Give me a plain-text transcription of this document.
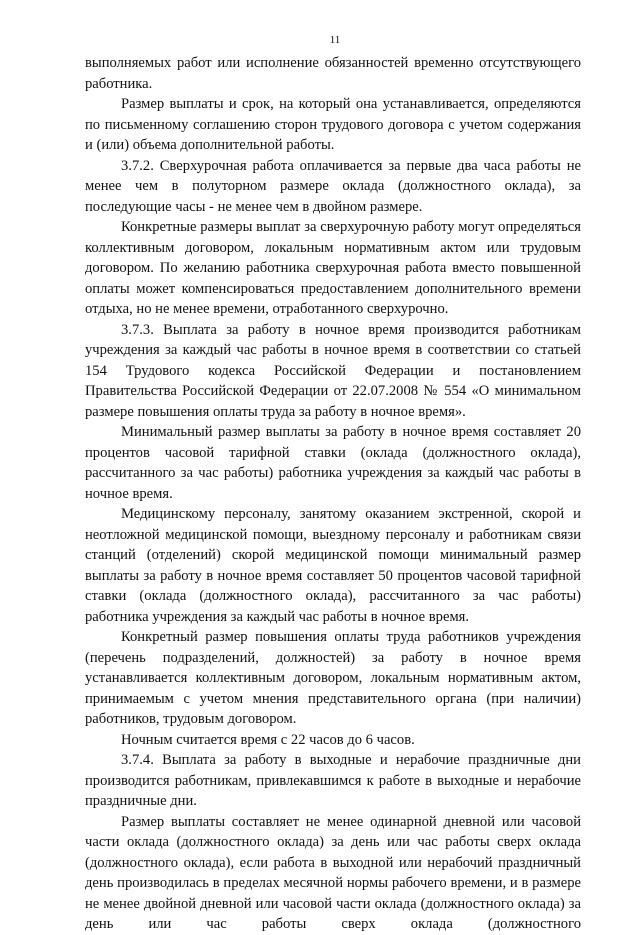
11

выполняемых работ или исполнение обязанностей временно отсутствующего работника.

Размер выплаты и срок, на который она устанавливается, определяются по письменному соглашению сторон трудового договора с учетом содержания и (или) объема дополнительной работы.

3.7.2. Сверхурочная работа оплачивается за первые два часа работы не менее чем в полуторном размере оклада (должностного оклада), за последующие часы - не менее чем в двойном размере.

Конкретные размеры выплат за сверхурочную работу могут определяться коллективным договором, локальным нормативным актом или трудовым договором. По желанию работника сверхурочная работа вместо повышенной оплаты может компенсироваться предоставлением дополнительного времени отдыха, но не менее времени, отработанного сверхурочно.

3.7.3. Выплата за работу в ночное время производится работникам учреждения за каждый час работы в ночное время в соответствии со статьей 154 Трудового кодекса Российской Федерации и постановлением Правительства Российской Федерации от 22.07.2008 № 554 «О минимальном размере повышения оплаты труда за работу в ночное время».

Минимальный размер выплаты за работу в ночное время составляет 20 процентов часовой тарифной ставки (оклада (должностного оклада), рассчитанного за час работы) работника учреждения за каждый час работы в ночное время.

Медицинскому персоналу, занятому оказанием экстренной, скорой и неотложной медицинской помощи, выездному персоналу и работникам связи станций (отделений) скорой медицинской помощи минимальный размер выплаты за работу в ночное время составляет 50 процентов часовой тарифной ставки (оклада (должностного оклада), рассчитанного за час работы) работника учреждения за каждый час работы в ночное время.

Конкретный размер повышения оплаты труда работников учреждения (перечень подразделений, должностей) за работу в ночное время устанавливается коллективным договором, локальным нормативным актом, принимаемым с учетом мнения представительного органа (при наличии) работников, трудовым договором.

Ночным считается время с 22 часов до 6 часов.

3.7.4. Выплата за работу в выходные и нерабочие праздничные дни производится работникам, привлекавшимся к работе в выходные и нерабочие праздничные дни.

Размер выплаты составляет не менее одинарной дневной или часовой части оклада (должностного оклада) за день или час работы сверх оклада (должностного оклада), если работа в выходной или нерабочий праздничный день производилась в пределах месячной нормы рабочего времени, и в размере не менее двойной дневной или часовой части оклада (должностного оклада) за день или час работы сверх оклада (должностного
